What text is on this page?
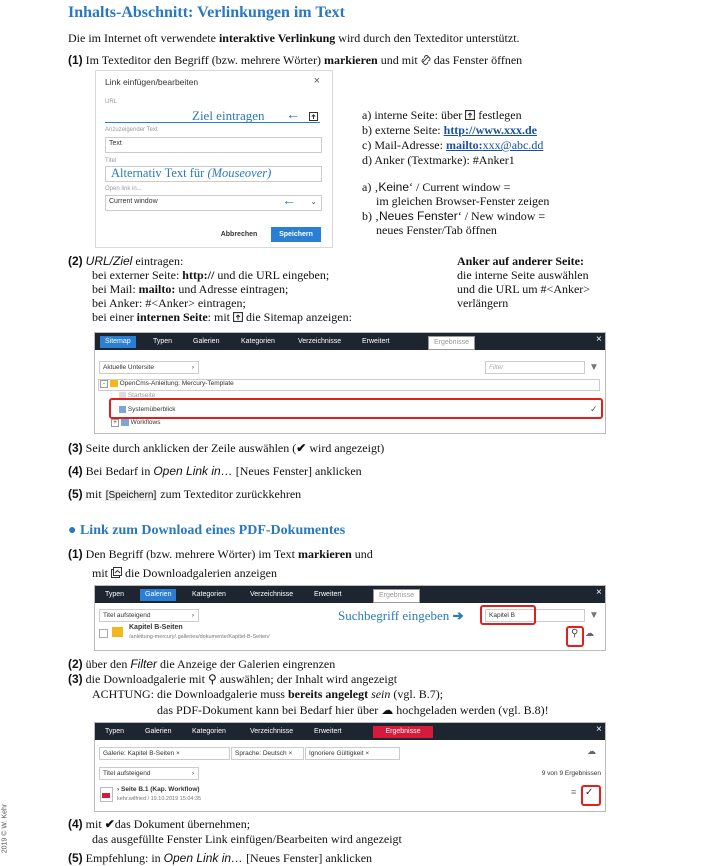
Inhalts-Abschnitt: Verlinkungen im Text
Die im Internet oft verwendete interaktive Verlinkung wird durch den Texteditor unterstützt.
(1) Im Texteditor den Begriff (bzw. mehrere Wörter) markieren und mit  das Fenster öffnen
Link einfügen/bearbeiten	×
URL
Ziel eintragen ←
Anzuzeigender Text
Text
Titel
Alternativ Text für (Mouseover)
Open link in...
Current window	← ⌄
Abbrechen	Speichern
a) interne Seite: über festlegen
b) externe Seite: http://www.xxx.de
c) Mail-Adresse: mailto:xxx@abc.dd
d) Anker (Textmarke): #Anker1
a) ‚Keine‘ / Current window =
im gleichen Browser-Fenster zeigen
b) ‚Neues Fenster‘ / New window =
neues Fenster/Tab öffnen
(2) URL/Ziel eintragen:
bei externer Seite: http:// und die URL eingeben;
bei Mail: mailto: und Adresse eintragen;
bei Anker: #<Anker> eintragen;
bei einer internen Seite: mit die Sitemap anzeigen:
Anker auf anderer Seite:
die interne Seite auswählen
und die URL um #<Anker>
verlängern
Sitemap	Typen	Galerien	Kategorien	Verzeichnisse	Erweitert	Ergebnisse	×
Aktuelle Untersite	›	Filter	▼
- OpenCms-Anleitung: Mercury-Template
Startseite
Systemüberblick	✓
+ Workflows
(3) Seite durch anklicken der Zeile auswählen (✔ wird angezeigt)
(4) Bei Bedarf in Open Link in… [Neues Fenster] anklicken
(5) mit [Speichern] zum Texteditor zurückkehren
● Link zum Download eines PDF-Dokumentes
(1) Den Begriff (bzw. mehrere Wörter) im Text markieren und
mit die Downloadgalerien anzeigen
Typen	Galerien	Kategorien	Verzeichnisse	Erweitert	Ergebnisse	×
Titel aufsteigend	›	Suchbegriff eingeben ➔	Kapitel B	▼
Kapitel B-Seiten
/anleitung-mercury/.galleries/dokumente/Kapitel-B-Seiten/	⚲ ☁
(2) über den Filter die Anzeige der Galerien eingrenzen
(3) die Downloadgalerie mit ⚲ auswählen; der Inhalt wird angezeigt
ACHTUNG: die Downloadgalerie muss bereits angelegt sein (vgl. B.7);
das PDF-Dokument kann bei Bedarf hier über ☁ hochgeladen werden (vgl. B.8)!
Typen	Galerien	Kategorien	Verzeichnisse	Erweitert	Ergebnisse	×
Galerie: Kapitel B-Seiten ×	Sprache: Deutsch ×	Ignoriere Gültigkeit ×	☁
Titel aufsteigend	›	9 von 9 Ergebnissen
› Seite B.1 (Kap. Workflow)
kehr.wilfried / 19.10.2019 15:04:35
≡ ✓
(4) mit ✔das Dokument übernehmen;
das ausgefüllte Fenster Link einfügen/Bearbeiten wird angezeigt
(5) Empfehlung: in Open Link in… [Neues Fenster] anklicken
2019 © W. Kehr
